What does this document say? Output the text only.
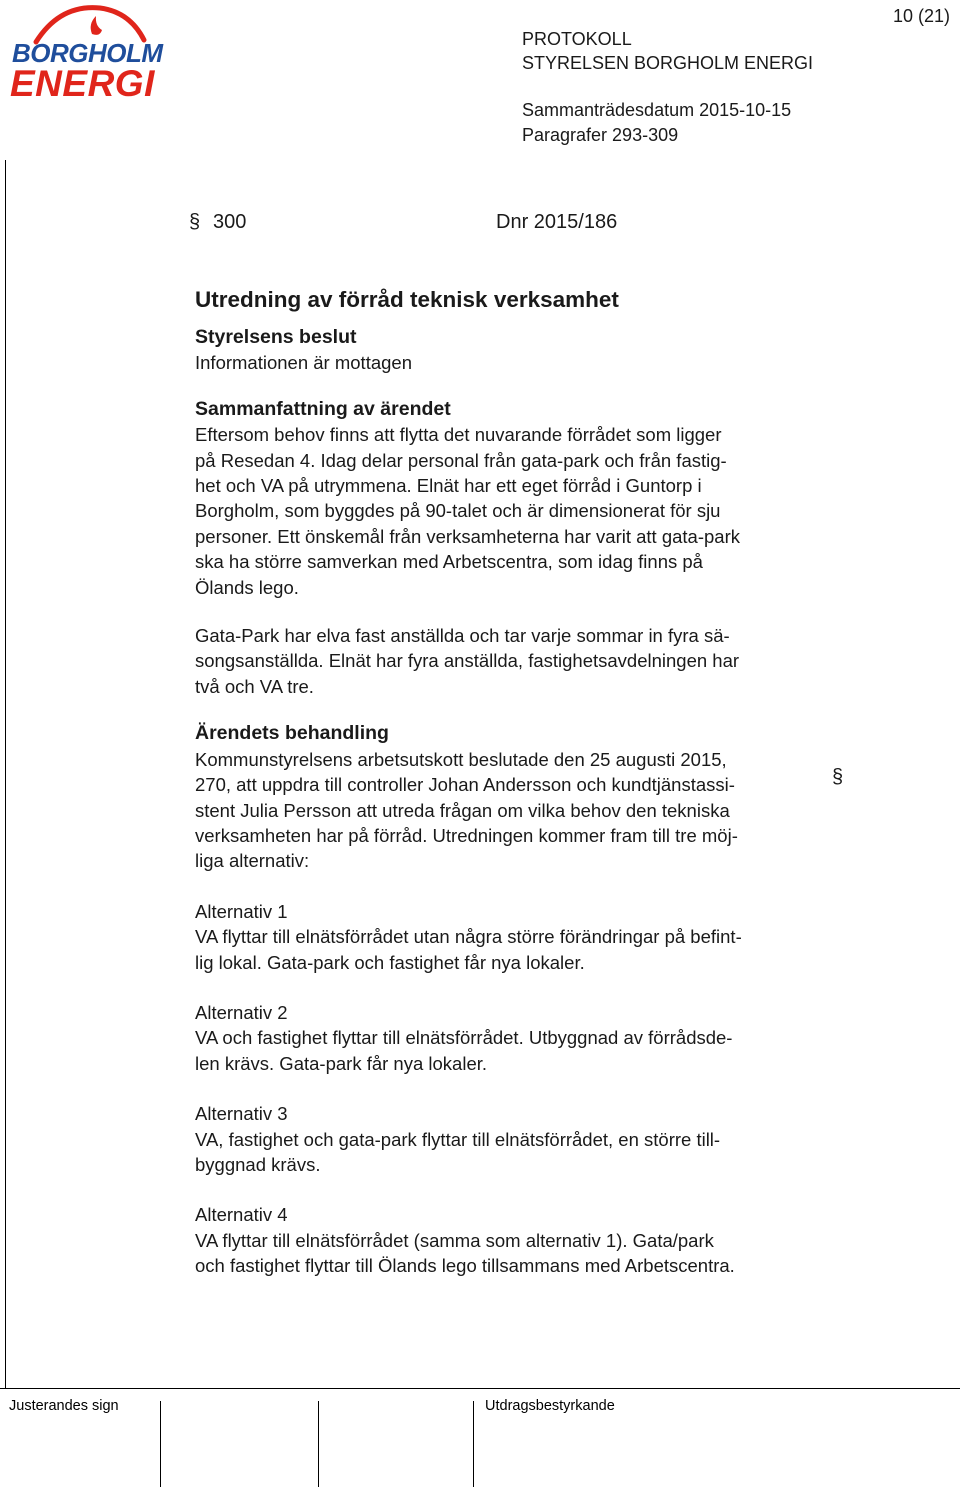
BORGHOLM
ENERGI
10 (21)
PROTOKOLL
STYRELSEN BORGHOLM ENERGI
Sammanträdesdatum 2015-10-15
Paragrafer 293-309
§ 300	Dnr 2015/186
Utredning av förråd teknisk verksamhet
Styrelsens beslut

Informationen är mottagen

Sammanfattning av ärendet

Eftersom behov finns att flytta det nuvarande förrådet som ligger
på Resedan 4. Idag delar personal från gata-park och från fastig-
het och VA på utrymmena. Elnät har ett eget förråd i Guntorp i
Borgholm, som byggdes på 90-talet och är dimensionerat för sju
personer. Ett önskemål från verksamheterna har varit att gata-park
ska ha större samverkan med Arbetscentra, som idag finns på
Ölands lego.

Gata-Park har elva fast anställda och tar varje sommar in fyra sä-
songsanställda. Elnät har fyra anställda, fastighetsavdelningen har
två och VA tre.

Ärendets behandling

Kommunstyrelsens arbetsutskott beslutade den 25 augusti 2015,
270, att uppdra till controller Johan Andersson och kundtjänstassi-
stent Julia Persson att utreda frågan om vilka behov den tekniska
verksamheten har på förråd. Utredningen kommer fram till tre möj-
liga alternativ:

Alternativ 1
VA flyttar till elnätsförrådet utan några större förändringar på befint-
lig lokal. Gata-park och fastighet får nya lokaler.
Alternativ 2
VA och fastighet flyttar till elnätsförrådet. Utbyggnad av förrådsde-
len krävs. Gata-park får nya lokaler.
Alternativ 3
VA, fastighet och gata-park flyttar till elnätsförrådet, en större till-
byggnad krävs.
Alternativ 4
VA flyttar till elnätsförrådet (samma som alternativ 1). Gata/park
och fastighet flyttar till Ölands lego tillsammans med Arbetscentra.
§
Justerandes sign	Utdragsbestyrkande
